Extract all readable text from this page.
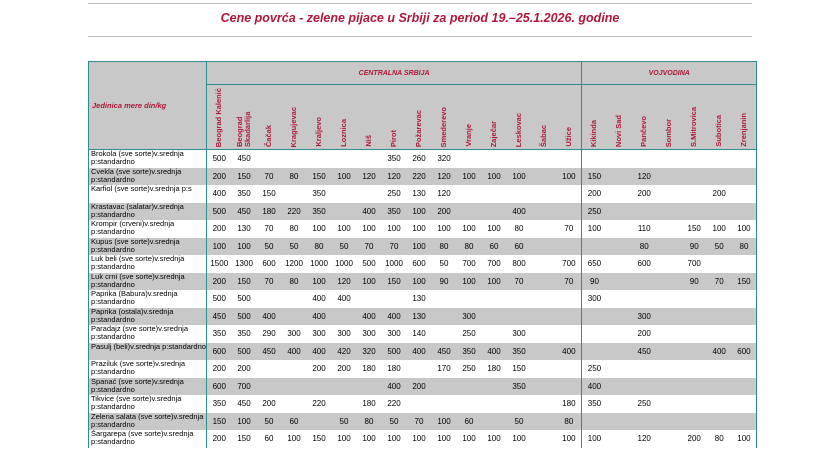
Cene povrća - zelene pijace u Srbiji za period 19.–25.1.2026. godine
Jedinica mere din/kg	CENTRALNA SRBIJA															VOJVODINA						

	Beograd Kaleniċ	Beograd Skadarlija	Čačak	Kragujevac	Kraljevo	Loznica	Niš	Pirot	Požarevac	Smederevo	Vranje	Zaječar	Leskovac	Šabac	Užice	Kikinda	Novi Sad	Pančevo	Sombor	S.Mitrovica	Subotica	Zrenjanin

Brokola (sve sorte)v.srednja p:standardno	500	450						350	260	320												
Cvekla (sve sorte)v.srednja p:standardno	200	150	70	80	150	100	120	120	220	120	100	100	100		100	150		120				
Karfiol (sve sorte)v.srednja p:s	400	350	150		350			250	130	120						200		200			200	
Krastavac (salatar)v.srednja p:standardno	500	450	180	220	350		400	350	100	200			400			250						
Krompir (crveni)v.srednja p:standardno	200	130	70	80	100	100	100	100	100	100	100	100	80		70	100		110		150	100	100
Kupus (sve sorte)v.srednja p:standardno	100	100	50	50	80	50	70	70	100	80	80	60	60					80		90	50	80
Luk beli (sve sorte)v.srednja p:standardno	1500	1300	600	1200	1000	1000	500	1000	600	50	700	700	800		700	650		600		700		
Luk crni (sve sorte)v.srednja p:standardno	200	150	70	80	100	120	100	150	100	90	100	100	70		70	90				90	70	150
Paprika (Babura)v.srednja p:standardno	500	500			400	400			130							300						
Paprika (ostala)v.srednja p:standardno	450	500	400		400		400	400	130		300							300				
Paradajz (sve sorte)v.srednja p:standardno	350	350	290	300	300	300	300	300	140		250		300					200				
Pasulj (beli)v.srednja p:standardno	600	500	450	400	400	420	320	500	400	450	350	400	350		400			450			400	600
Praziluk (sve sorte)v.srednja p:standardno	200	200			200	200	180	180		170	250	180	150			250						
Spanać (sve sorte)v.srednja p:standardno	600	700						400	200				350			400						
Tikvice (sve sorte)v.srednja p:standardno	350	450	200		220		180	220							180	350		250				
Zelena salata (sve sorte)v.srednja p:standardno	150	100	50	60		50	80	50	70	100	60		50		80							
Šargarepa (sve sorte)v.srednja p:standardno	200	150	60	100	150	100	100	100	100	100	100	100	100		100	100		120		200	80	100
